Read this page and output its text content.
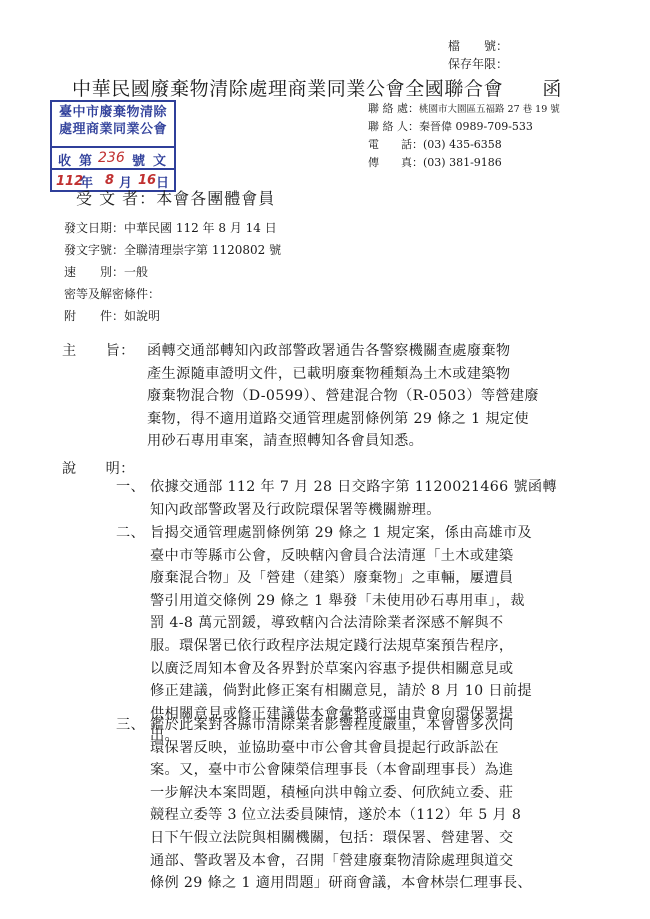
檔　　號：
保存年限：
中華民國廢棄物清除處理商業同業公會全國聯合會　　函
臺中市廢棄物清除
處理商業同業公會
收 第 236 號 文
112
年 8 月 16 日
聯 絡 處：桃園市大園區五福路 27 巷 19 號
聯 絡 人：秦晉偉 0989-709-533
電　　話：(03) 435-6358
傳　　真：(03) 381-9186
受 文 者：本會各團體會員
發文日期：中華民國 112 年 8 月 14 日
發文字號：全聯清理崇字第 1120802 號
速　　別：一般
密等及解密條件：
附　　件：如說明
主　　旨： 函轉交通部轉知內政部警政署通告各警察機關查處廢棄物
產生源隨車證明文件，已載明廢棄物種類為土木或建築物
廢棄物混合物（D-0599）、營建混合物（R-0503）等營建廢
棄物，得不適用道路交通管理處罰條例第 29 條之 1 規定使
用砂石專用車案，請查照轉知各會員知悉。
說　　明：
一、 依據交通部 112 年 7 月 28 日交路字第 1120021466 號函轉
知內政部警政署及行政院環保署等機關辦理。
二、 旨揭交通管理處罰條例第 29 條之 1 規定案，係由高雄市及
臺中市等縣市公會，反映轄內會員合法清運「土木或建築
廢棄混合物」及「營建（建築）廢棄物」之車輛，屢遭員
警引用道交條例 29 條之 1 舉發「未使用砂石專用車」，裁
罰 4-8 萬元罰鍰，導致轄內合法清除業者深感不解與不
服。環保署已依行政程序法規定踐行法規草案預告程序，
以廣泛周知本會及各界對於草案內容惠予提供相關意見或
修正建議，倘對此修正案有相關意見，請於 8 月 10 日前提
供相關意見或修正建議供本會彙整或逕由貴會向環保署提
出。
三、 鑑於此案對各縣市清除業者影響程度嚴重，本會曾多次向
環保署反映，並協助臺中市公會其會員提起行政訴訟在
案。又，臺中市公會陳榮信理事長（本會副理事長）為進
一步解決本案問題，積極向洪申翰立委、何欣純立委、莊
競程立委等 3 位立法委員陳情，遂於本（112）年 5 月 8
日下午假立法院與相關機關，包括：環保署、營建署、交
通部、警政署及本會，召開「營建廢棄物清除處理與道交
條例 29 條之 1 適用問題」研商會議，本會林崇仁理事長、
